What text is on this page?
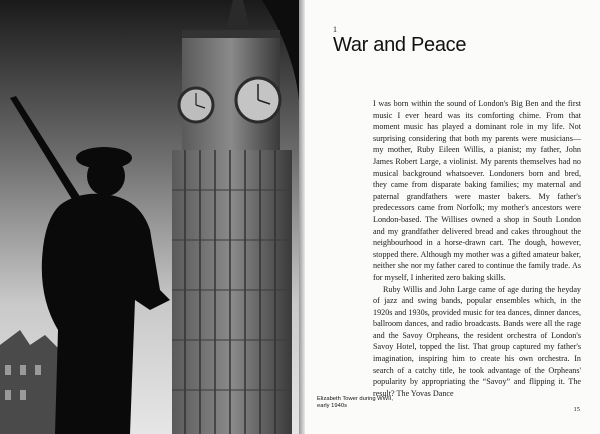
1
War and Peace

I was born within the sound of London's Big Ben and the first music I ever heard was its comforting chime. From that moment music has played a dominant role in my life. Not surprising considering that both my parents were musicians—my mother, Ruby Eileen Willis, a pianist; my father, John James Robert Large, a violinist. My parents themselves had no musical background whatsoever. Londoners born and bred, they came from disparate baking families; my maternal and paternal grandfathers were master bakers. My father's predecessors came from Norfolk; my mother's ancestors were London-based. The Willises owned a shop in South London and my grandfather delivered bread and cakes throughout the neighbourhood in a horse-drawn cart. The dough, however, stopped there. Although my mother was a gifted amateur baker, neither she nor my father cared to continue the family trade. As for myself, I inherited zero baking skills.

Ruby Willis and John Large came of age during the heyday of jazz and swing bands, popular ensembles which, in the 1920s and 1930s, provided music for tea dances, dinner dances, ballroom dances, and radio broadcasts. Bands were all the rage and the Savoy Orpheans, the resident orchestra of London's Savoy Hotel, topped the list. That group captured my father's imagination, inspiring him to create his own orchestra. In search of a catchy title, he took advantage of the Orpheans' popularity by appropriating the “Savoy” and flipping it. The result? The Yovas Dance

Elizabeth Tower during WWII,
early 1940s	15
